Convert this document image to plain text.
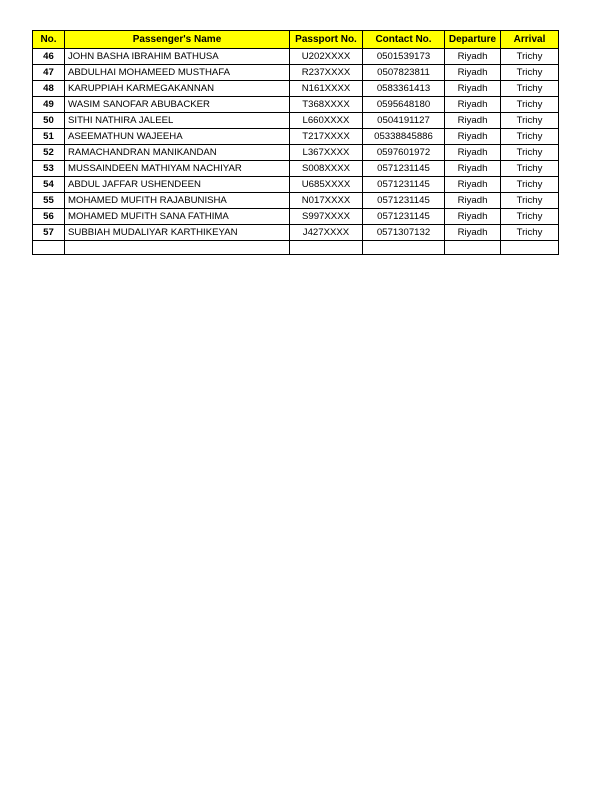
No.	Passenger's Name	Passport No.	Contact No.	Departure	Arrival
46	JOHN BASHA IBRAHIM BATHUSA	U202XXXX	0501539173	Riyadh	Trichy
47	ABDULHAI MOHAMEED MUSTHAFA	R237XXXX	0507823811	Riyadh	Trichy
48	KARUPPIAH KARMEGAKANNAN	N161XXXX	0583361413	Riyadh	Trichy
49	WASIM SANOFAR ABUBACKER	T368XXXX	0595648180	Riyadh	Trichy
50	SITHI NATHIRA JALEEL	L660XXXX	0504191127	Riyadh	Trichy
51	ASEEMATHUN WAJEEHA	T217XXXX	05338845886	Riyadh	Trichy
52	RAMACHANDRAN MANIKANDAN	L367XXXX	0597601972	Riyadh	Trichy
53	MUSSAINDEEN MATHIYAM NACHIYAR	S008XXXX	0571231145	Riyadh	Trichy
54	ABDUL JAFFAR USHENDEEN	U685XXXX	0571231145	Riyadh	Trichy
55	MOHAMED MUFITH RAJABUNISHA	N017XXXX	0571231145	Riyadh	Trichy
56	MOHAMED MUFITH SANA FATHIMA	S997XXXX	0571231145	Riyadh	Trichy
57	SUBBIAH MUDALIYAR KARTHIKEYAN	J427XXXX	0571307132	Riyadh	Trichy
